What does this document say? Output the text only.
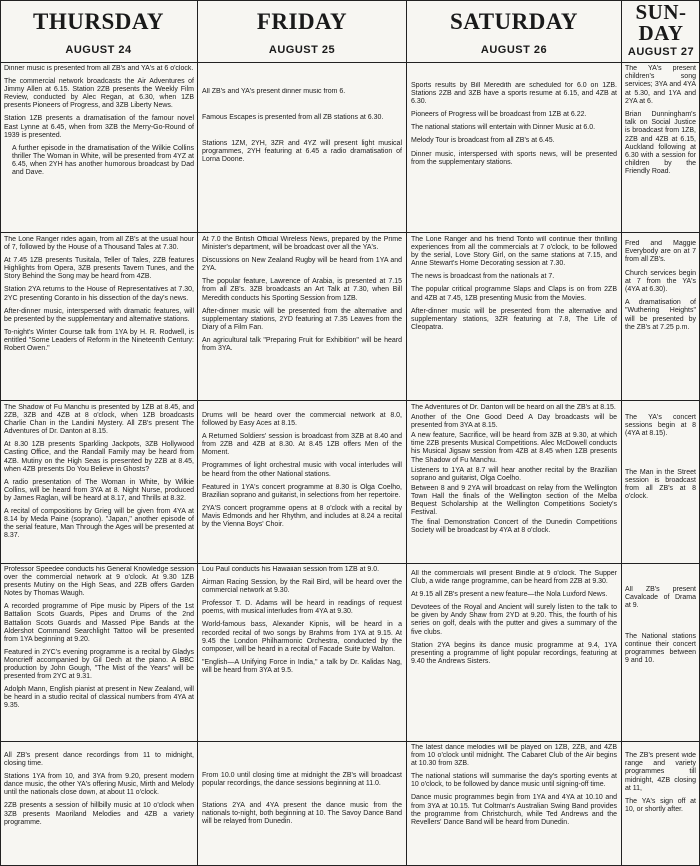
THURSDAY
AUGUST 24
FRIDAY
AUGUST 25
SATURDAY
AUGUST 26
SUN-
DAY
AUGUST 27

Dinner music is presented from all ZB's and YA's at 6 o'clock.

The commercial network broadcasts the Air Adventures of Jimmy Allen at 6.15. Station 2ZB presents the Weekly Film Review, conducted by Alec Regan, at 6.30, when 1ZB presents Pioneers of Progress, and 3ZB Liberty News.

Station 1ZB presents a dramatisation of the famour novel East Lynne at 6.45, when from 3ZB the Merry-Go-Round of 1939 is presented.

A further episode in the dramatisation of the Wilkie Collins thriller The Woman in White, will be presented from 4YZ at 6.45, when 2YH has another humorous broadcast by Dad and Dave.

The Lone Ranger rides again, from all ZB's at the usual hour of 7, followed by the House of a Thousand Tales at 7.30.

At 7.45 1ZB presents Tusitala, Teller of Tales, 2ZB features Highlights from Opera, 3ZB presents Tavern Tunes, and the Story Behind the Song may be heard from 4ZB.

Station 2YA returns to the House of Representatives at 7.30, 2YC presenting Coranto in his dissection of the day's news.

After-dinner music, interspersed with dramatic features, will be presented by the supplementary and alternative stations.

To-night's Winter Course talk from 1YA by H. R. Rodwell, is entitled "Some Leaders of Reform in the Nineteenth Century: Robert Owen."

The Shadow of Fu Manchu is presented by 1ZB at 8.45, and 2ZB, 3ZB and 4ZB at 8 o'clock, when 1ZB broadcasts Charlie Chan in the Landini Mystery. All ZB's present The Adventures of Dr. Danton at 8.15.

At 8.30 1ZB presents Sparkling Jackpots, 3ZB Hollywood Casting Office, and the Randall Family may be heard from 4ZB. Mutiny on the High Seas is presented by 2ZB at 8.45, when 4ZB presents Do You Believe in Ghosts?

A radio presentation of The Woman in White, by Wilkie Collins, will be heard from 3YA at 8. Night Nurse, produced by James Raglan, will be heard at 8.17, and Thrills at 8.32.

A recital of compositions by Grieg will be given from 4YA at 8.14 by Meda Paine (soprano). "Japan," another episode of the serial feature, Man Through the Ages will be presented at 8.37.

Professor Speedee conducts his General Knowledge session over the commercial network at 9 o'clock. At 9.30 1ZB presents Mutiny on the High Seas, and 2ZB offers Garden Notes by Thomas Waugh.

A recorded programme of Pipe music by Pipers of the 1st Battalion Scots Guards, Pipes and Drums of the 2nd Battalion Scots Guards and Massed Pipe Bands at the Aldershot Command Searchlight Tattoo will be presented from 1YA beginning at 9.20.

Featured in 2YC's evening programme is a recital by Gladys Moncrieff accompanied by Gil Dech at the piano. A BBC production by John Gough, "The Mist of the Years" will be presented from 2YC at 9.31.

Adolph Mann, English pianist at present in New Zealand, will be heard in a studio recital of classical numbers from 4YA at 9.35.

All ZB's present dance recordings from 11 to midnight, closing time.

Stations 1YA from 10, and 3YA from 9.20, present modern dance music, the other YA's offering Music, Mirth and Melody until the nationals close down, at about 11 o'clock.

2ZB presents a session of hillbilly music at 10 o'clock when 3ZB presents Maoriland Melodies and 4ZB a variety programme.

All ZB's and YA's present dinner music from 6.

Famous Escapes is presented from all ZB stations at 6.30.

Stations 1ZM, 2YH, 3ZR and 4YZ will present light musical programmes, 2YH featuring at 6.45 a radio dramatisation of Lorna Doone.

At 7.0 the British Official Wireless News, prepared by the Prime Minister's department, will be broadcast over all the YA's.

Discussions on New Zealand Rugby will be heard from 1YA and 2YA.

The popular feature, Lawrence of Arabia, is presented at 7.15 from all ZB's. 3ZB broadcasts an Art Talk at 7.30, when Bill Meredith conducts his Sporting Session from 1ZB.

After-dinner music will be presented from the alternative and supplementary stations, 2YD featuring at 7.35 Leaves from the Diary of a Film Fan.

An agricultural talk "Preparing Fruit for Exhibition" will be heard from 3YA.

Drums will be heard over the commercial network at 8.0, followed by Easy Aces at 8.15.

A Returned Soldiers' session is broadcast from 3ZB at 8.40 and from 2ZB and 4ZB at 8.30. At 8.45 1ZB offers Men of the Moment.

Programmes of light orchestral music with vocal interludes will be heard from the other National stations.

Featured in 1YA's concert programme at 8.30 is Olga Coelho, Brazilian soprano and guitarist, in selections from her repertoire.

2YA'S concert programme opens at 8 o'clock with a recital by Mavis Edmonds and her Rhythm, and includes at 8.24 a recital by the Vienna Boys' Choir.

Lou Paul conducts his Hawaiian session from 1ZB at 9.0.

Airman Racing Session, by the Rail Bird, will be heard over the commercial network at 9.30.

Professor T. D. Adams will be heard in readings of request poems, with musical interludes from 4YA at 9.30.

World-famous bass, Alexander Kipnis, will be heard in a recorded recital of two songs by Brahms from 1YA at 9.15. At 9.45 the London Philharmonic Orchestra, conducted by the composer, will be heard in a recital of Facade Suite by Walton.

"English—A Unifying Force in India," a talk by Dr. Kalidas Nag, will be heard from 3YA at 9.5.

From 10.0 until closing time at midnight the ZB's will broadcast popular recordings, the dance sessions beginning at 11.0.

Stations 2YA and 4YA present the dance music from the nationals to-night, both beginning at 10. The Savoy Dance Band will be relayed from Dunedin.

Sports results by Bill Meredith are scheduled for 6.0 on 1ZB. Stations 2ZB and 3ZB have a sports resume at 6.15, and 4ZB at 6.30.

Pioneers of Progress will be broadcast from 1ZB at 6.22.

The national stations will entertain with Dinner Music at 6.0.

Melody Tour is broadcast from all ZB's at 6.45.

Dinner music, interspersed with sports news, will be presented from the supplementary stations.

The Lone Ranger and his friend Tonto will continue their thrilling experiences from all the commercials at 7 o'clock, to be followed by the serial, Love Story Girl, on the same stations at 7.15, and Anne Stewart's Home Decorating session at 7.30.

The news is broadcast from the nationals at 7.

The popular critical programme Slaps and Claps is on from 2ZB and 4ZB at 7.45, 1ZB presenting Music from the Movies.

After-dinner music will be presented from the alternative and supplementary stations, 3ZR featuring at 7.8, The Life of Cleopatra.

The Adventures of Dr. Danton will be heard on all the ZB's at 8.15.

Another of the One Good Deed A Day broadcasts will be presented from 3YA at 8.15.

A new feature, Sacrifice, will be heard from 3ZB at 9.30, at which time 2ZB presents Musical Competitions. Alec McDowell conducts his Musical Jigsaw session from 4ZB at 8.45 when 1ZB presents The Shadow of Fu Manchu.

Listeners to 1YA at 8.7 will hear another recital by the Brazilian soprano and guitarist, Olga Coelho.

Between 8 and 9 2YA will broadcast on relay from the Wellington Town Hall the finals of the Wellington section of the Melba Bequest Scholarship at the Wellington Competitions Society's Festival.

The final Demonstration Concert of the Dunedin Competitions Society will be broadcast by 4YA at 8 o'clock.

All the commercials will present Bindle at 9 o'clock. The Supper Club, a wide range programme, can be heard from 2ZB at 9.30.

At 9.15 all ZB's present a new feature—the Nola Luxford News.

Devotees of the Royal and Ancient will surely listen to the talk to be given by Andy Shaw from 2YD at 9.20. This, the fourth of his series on golf, deals with the putter and gives a summary of the five clubs.

Station 2YA begins its dance music programme at 9.4, 1YA presenting a programme of light popular recordings, featuring at 9.40 the Andrews Sisters.

The latest dance melodies will be played on 1ZB, 2ZB, and 4ZB from 10 o'clock until midnight. The Cabaret Club of the Air begins at 10.30 from 3ZB.

The national stations will summarise the day's sporting events at 10 o'clock, to be followed by dance music until signing-off time.

Dance music programmes begin from 1YA and 4YA at 10.10 and from 3YA at 10.15. Tut Coltman's Australian Swing Band provides the programme from Christchurch, while Ted Andrews and the Revellers' Dance Band will be heard from Dunedin.

The YA's present children's song services; 3YA and 4YA at 5.30, and 1YA and 2YA at 6.

Brian Dunningham's talk on Social Justice is broadcast from 1ZB, 2ZB and 4ZB at 6.15, Auckland following at 6.30 with a session for children by the Friendly Road.

Fred and Maggie Everybody are on at 7 from all ZB's.

Church services begin at 7 from the YA's (4YA at 6.30).

A dramatisation of "Wuthering Heights" will be presented by the ZB's at 7.25 p.m.

The YA's concert sessions begin at 8 (4YA at 8.15).

The Man in the Street session is broadcast from all ZB's at 8 o'clock.

All ZB's present Cavalcade of Drama at 9.

The National stations continue their concert programmes between 9 and 10.

The ZB's present wide range and variety programmes till midnight, 4ZB closing at 11,

The YA's sign off at 10, or shortly after.
